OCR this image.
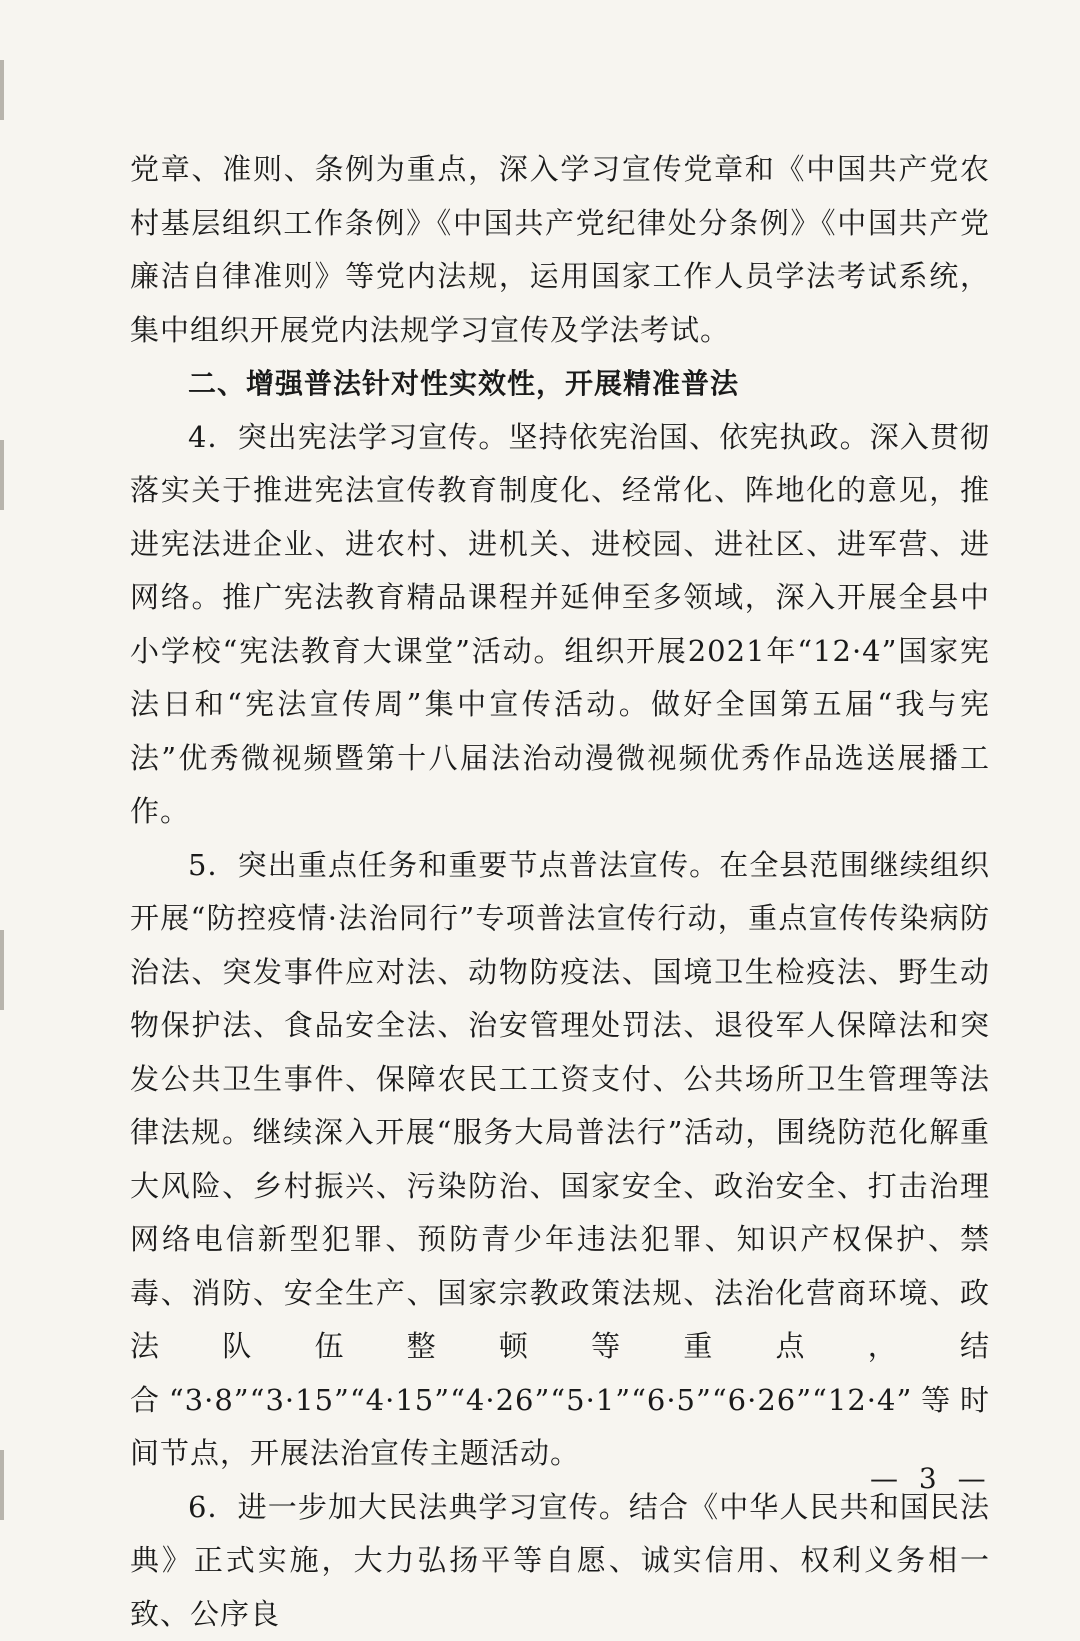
党章、准则、条例为重点，深入学习宣传党章和《中国共产党农村基层组织工作条例》《中国共产党纪律处分条例》《中国共产党廉洁自律准则》等党内法规，运用国家工作人员学法考试系统，集中组织开展党内法规学习宣传及学法考试。

二、增强普法针对性实效性，开展精准普法

4．突出宪法学习宣传。坚持依宪治国、依宪执政。深入贯彻落实关于推进宪法宣传教育制度化、经常化、阵地化的意见，推进宪法进企业、进农村、进机关、进校园、进社区、进军营、进网络。推广宪法教育精品课程并延伸至多领域，深入开展全县中小学校“宪法教育大课堂”活动。组织开展2021年“12·4”国家宪法日和“宪法宣传周”集中宣传活动。做好全国第五届“我与宪法”优秀微视频暨第十八届法治动漫微视频优秀作品选送展播工作。

5．突出重点任务和重要节点普法宣传。在全县范围继续组织开展“防控疫情·法治同行”专项普法宣传行动，重点宣传传染病防治法、突发事件应对法、动物防疫法、国境卫生检疫法、野生动物保护法、食品安全法、治安管理处罚法、退役军人保障法和突发公共卫生事件、保障农民工工资支付、公共场所卫生管理等法律法规。继续深入开展“服务大局普法行”活动，围绕防范化解重大风险、乡村振兴、污染防治、国家安全、政治安全、打击治理网络电信新型犯罪、预防青少年违法犯罪、知识产权保护、禁毒、消防、安全生产、国家宗教政策法规、法治化营商环境、政法队伍整顿等重点，结合“3·8”“3·15”“4·15”“4·26”“5·1”“6·5”“6·26”“12·4”等时间节点，开展法治宣传主题活动。

6．进一步加大民法典学习宣传。结合《中华人民共和国民法典》正式实施，大力弘扬平等自愿、诚实信用、权利义务相一致、公序良

— 3 —
